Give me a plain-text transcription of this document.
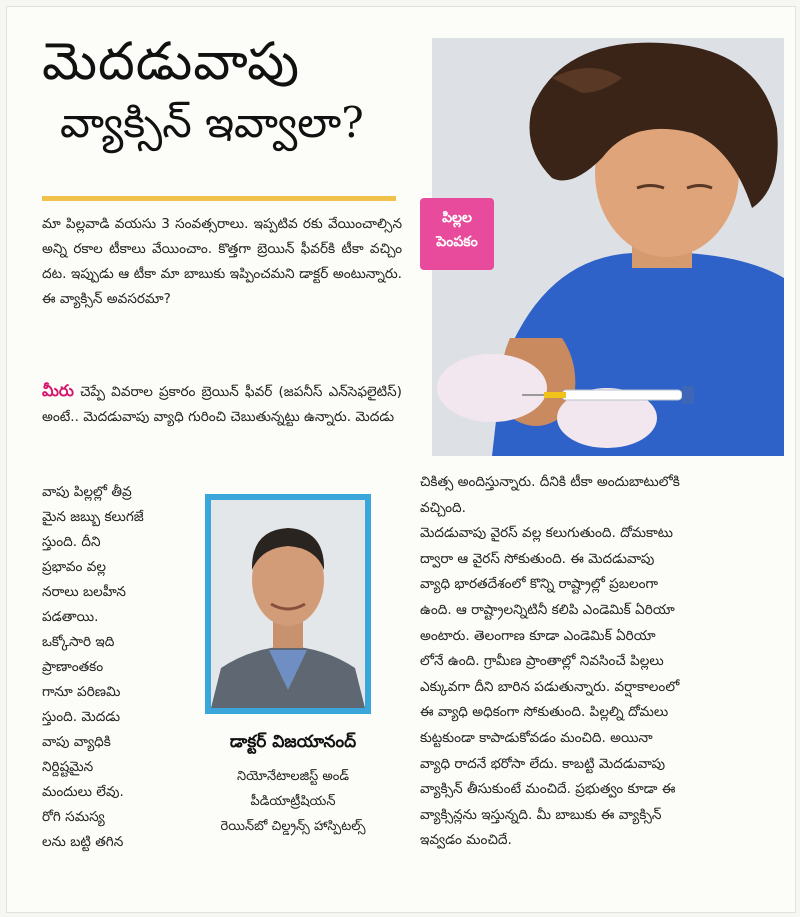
మెదడువాపు
వ్యాక్సిన్ ఇవ్వాలా?

మా పిల్లవాడి వయసు 3 సంవత్సరాలు. ఇప్పటివ రకు వేయించాల్సిన అన్ని రకాల టీకాలు వేయించాం. కొత్తగా బ్రెయిన్ ఫీవర్‌కి టీకా వచ్చిం దట. ఇప్పుడు ఆ టీకా మా బాబుకు ఇప్పించమని డాక్టర్ అంటున్నారు. ఈ వ్యాక్సిన్ అవసరమా?

పిల్లల
పెంపకం
మీరు చెప్పే వివరాల ప్రకారం బ్రెయిన్ ఫీవర్ (జపనీస్ ఎన్‌సెఫలైటిస్) అంటే.. మెదడువాపు వ్యాధి గురించి చెబుతున్నట్టు ఉన్నారు. మెదడు
వాపు పిల్లల్లో తీవ్ర
మైన జబ్బు కలుగజే
స్తుంది. దీని
ప్రభావం వల్ల
నరాలు బలహీన
పడతాయి.
ఒక్కోసారి ఇది
ప్రాణాంతకం
గానూ పరిణమి
స్తుంది. మెదడు
వాపు వ్యాధికి
నిర్దిష్టమైన
మందులు లేవు.
రోగి సమస్య
లను బట్టి తగిన
డాక్టర్ విజయానంద్
నియోనేటాలజిస్ట్ అండ్
పీడియాట్రీషియన్
రెయిన్‌బో చిల్డ్రన్స్ హాస్పిటల్స్
చికిత్స అందిస్తున్నారు. దీనికి టీకా అందుబాటులోకి
వచ్చింది.
మెదడువాపు వైరస్ వల్ల కలుగుతుంది. దోమకాటు
ద్వారా ఆ వైరస్ సోకుతుంది. ఈ మెదడువాపు
వ్యాధి భారతదేశంలో కొన్ని రాష్ట్రాల్లో ప్రబలంగా
ఉంది. ఆ రాష్ట్రాలన్నిటినీ కలిపి ఎండెమిక్ ఏరియా
అంటారు. తెలంగాణ కూడా ఎండెమిక్ ఏరియా
లోనే ఉంది. గ్రామీణ ప్రాంతాల్లో నివసించే పిల్లలు
ఎక్కువగా దీని బారిన పడుతున్నారు. వర్షాకాలంలో
ఈ వ్యాధి అధికంగా సోకుతుంది. పిల్లల్ని దోమలు
కుట్టకుండా కాపాడుకోవడం మంచిది. అయినా
వ్యాధి రాదనే భరోసా లేదు. కాబట్టి మెదడువాపు
వ్యాక్సిన్ తీసుకుంటే మంచిదే. ప్రభుత్వం కూడా ఈ
వ్యాక్సిన్లను ఇస్తున్నది. మీ బాబుకు ఈ వ్యాక్సిన్
ఇవ్వడం మంచిదే.
